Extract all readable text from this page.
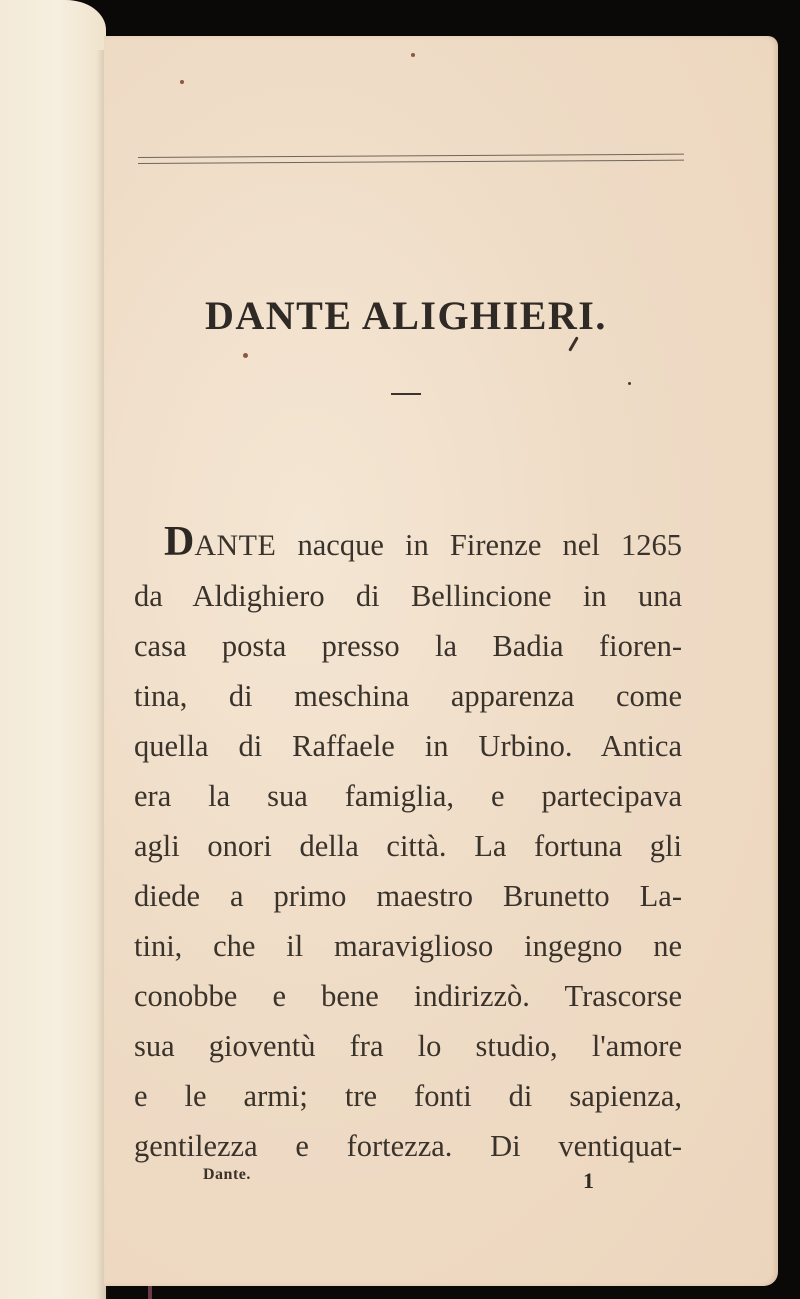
DANTE ALIGHIERI.
DANTE nacque in Firenze nel 1265
da Aldighiero di Bellincione in una
casa posta presso la Badia fioren-
tina, di meschina apparenza come
quella di Raffaele in Urbino. Antica
era la sua famiglia, e partecipava
agli onori della città. La fortuna gli
diede a primo maestro Brunetto La-
tini, che il maraviglioso ingegno ne
conobbe e bene indirizzò. Trascorse
sua gioventù fra lo studio, l'amore
e le armi; tre fonti di sapienza,
gentilezza e fortezza. Di ventiquat-
Dante.	1
